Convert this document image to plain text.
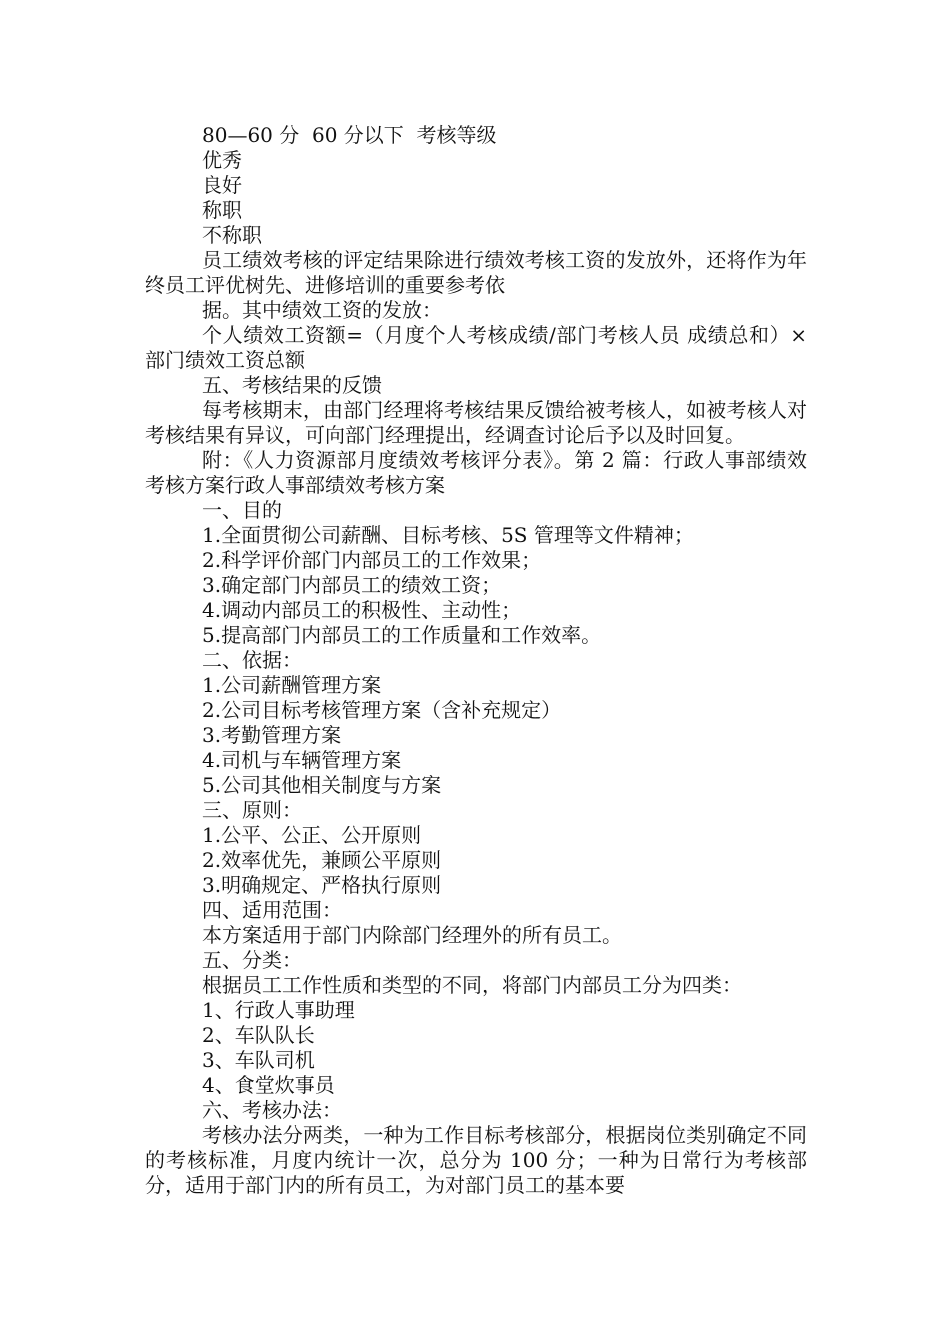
80—60 分  60 分以下  考核等级
优秀
良好
称职
不称职
员工绩效考核的评定结果除进行绩效考核工资的发放外，还将作为年终员工评优树先、进修培训的重要参考依
据。其中绩效工资的发放：
个人绩效工资额=（月度个人考核成绩/部门考核人员 成绩总和）×部门绩效工资总额
五、考核结果的反馈
每考核期末，由部门经理将考核结果反馈给被考核人，如被考核人对考核结果有异议，可向部门经理提出，经调查讨论后予以及时回复。
附：《人力资源部月度绩效考核评分表》。第 2 篇：行政人事部绩效考核方案行政人事部绩效考核方案
一、目的
1.全面贯彻公司薪酬、目标考核、5S 管理等文件精神；
2.科学评价部门内部员工的工作效果；
3.确定部门内部员工的绩效工资；
4.调动内部员工的积极性、主动性；
5.提高部门内部员工的工作质量和工作效率。
二、依据：
1.公司薪酬管理方案
2.公司目标考核管理方案（含补充规定）
3.考勤管理方案
4.司机与车辆管理方案
5.公司其他相关制度与方案
三、原则：
1.公平、公正、公开原则
2.效率优先，兼顾公平原则
3.明确规定、严格执行原则
四、适用范围：
本方案适用于部门内除部门经理外的所有员工。
五、分类：
根据员工工作性质和类型的不同，将部门内部员工分为四类：
1、行政人事助理
2、车队队长
3、车队司机
4、食堂炊事员
六、考核办法：
考核办法分两类，一种为工作目标考核部分，根据岗位类别确定不同的考核标准，月度内统计一次，总分为 100 分；一种为日常行为考核部分，适用于部门内的所有员工，为对部门员工的基本要
